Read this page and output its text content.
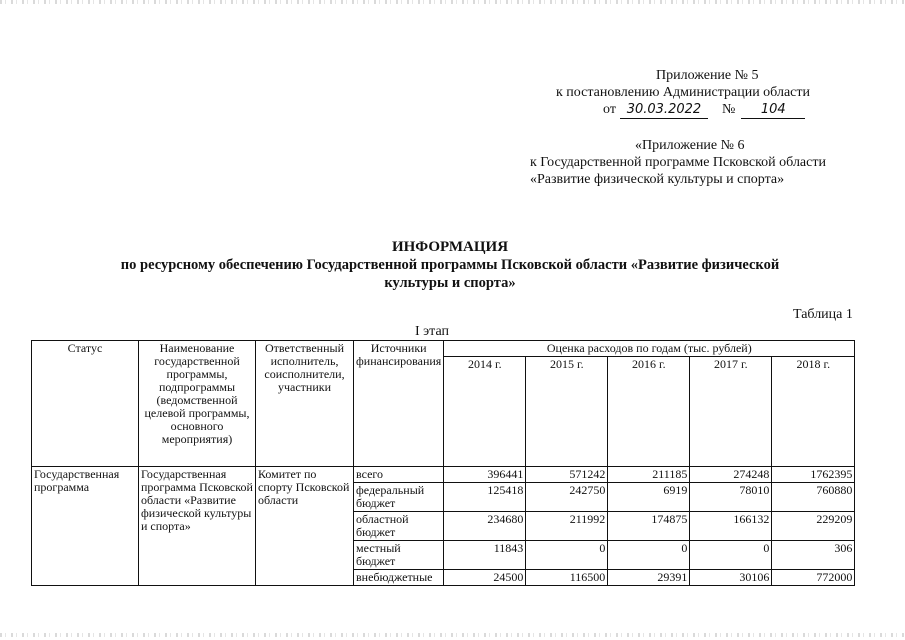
Приложение № 5
к постановлению Администрации области
от 30.03.2022	№	104
«Приложение № 6
к Государственной программе Псковской области
«Развитие физической культуры и спорта»
ИНФОРМАЦИЯ
по ресурсному обеспечению Государственной программы Псковской области «Развитие физической
культуры и спорта»
Таблица 1
I этап
Статус	Наименование государственной программы, подпрограммы (ведомственной целевой программы, основного мероприятия)	Ответственный исполнитель, соисполнители, участники	Источники финансирования	Оценка расходов по годам (тыс. рублей)				
				2014 г.	2015 г.	2016 г.	2017 г.	2018 г.
Государственная программа	Государственная программа Псковской области «Развитие физической культуры и спорта»	Комитет по спорту Псковской области	всего	396441	571242	211185	274248	1762395
			федеральный бюджет	125418	242750	6919	78010	760880
			областной бюджет	234680	211992	174875	166132	229209
			местный бюджет	11843	0	0	0	306
			внебюджетные	24500	116500	29391	30106	772000
